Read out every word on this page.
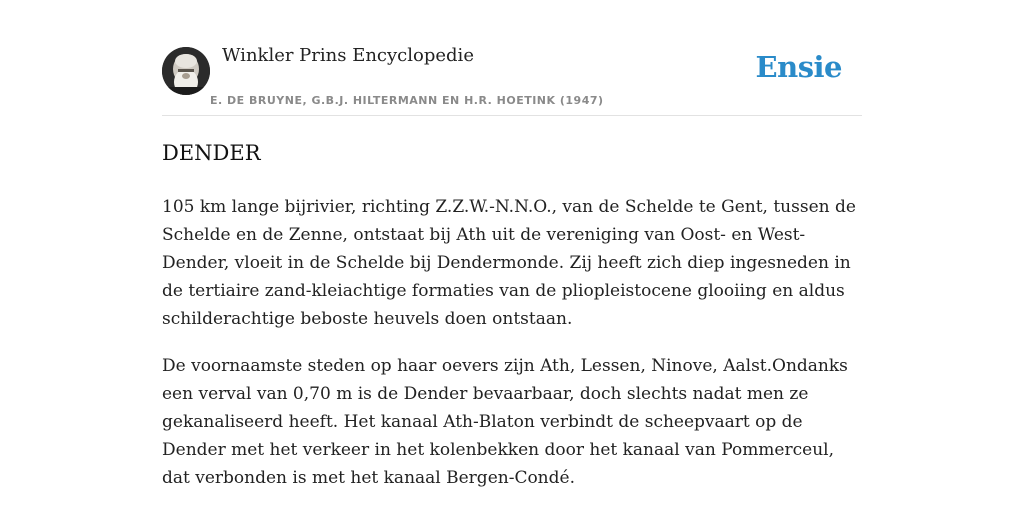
Winkler Prins Encyclopedie
E. DE BRUYNE, G.B.J. HILTERMANN EN H.R. HOETINK (1947)
Ensie
DENDER

105 km lange bijrivier, richting Z.Z.W.-N.N.O., van de Schelde te Gent, tussen de Schelde en de Zenne, ontstaat bij Ath uit de vereniging van Oost- en West-Dender, vloeit in de Schelde bij Dendermonde. Zij heeft zich diep ingesneden in de tertiaire zand-kleiachtige formaties van de pliopleistocene glooiing en aldus schilderachtige beboste heuvels doen ontstaan.

De voornaamste steden op haar oevers zijn Ath, Lessen, Ninove, Aalst.Ondanks een verval van 0,70 m is de Dender bevaarbaar, doch slechts nadat men ze gekanaliseerd heeft. Het kanaal Ath-Blaton verbindt de scheepvaart op de Dender met het verkeer in het kolenbekken door het kanaal van Pommerceul, dat verbonden is met het kanaal Bergen-Condé.
